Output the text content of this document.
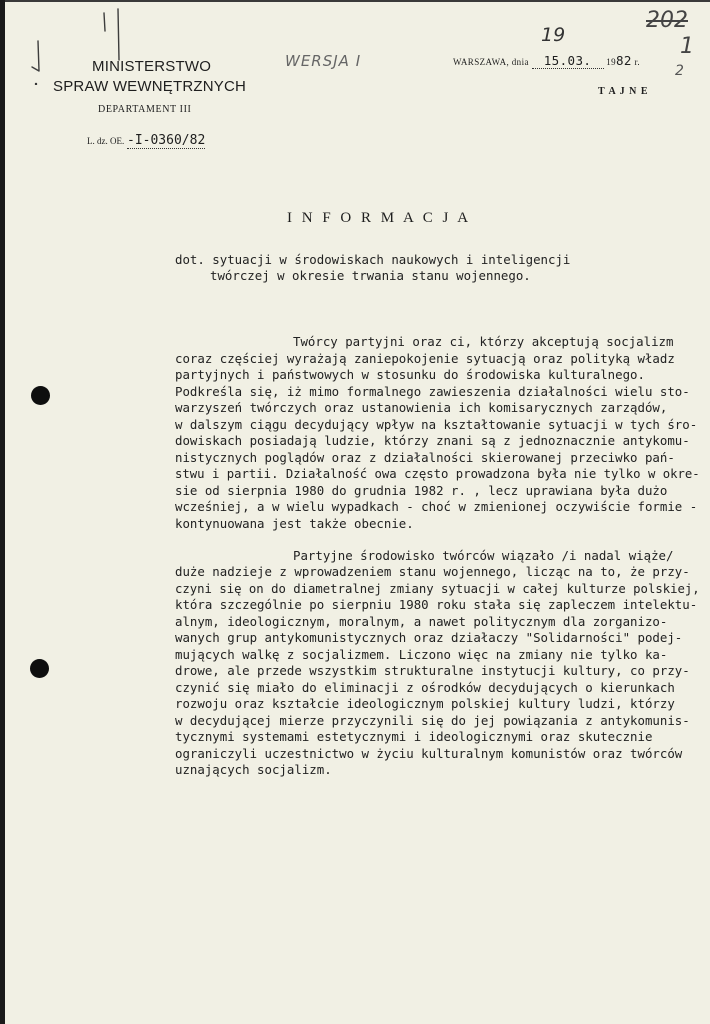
MINISTERSTWO
SPRAW WEWNĘTRZNYCH
DEPARTAMENT III
L. dz. OE. -I-0360/82
WERSJA I
19
202
1
2
WARSZAWA, dnia 15.03. 1982 r.
T A J N E
I N F O R M A C J A
dot. sytuacji w środowiskach naukowych i inteligencji
twórczej w okresie trwania stanu wojennego.
Twórcy partyjni oraz ci, którzy akceptują socjalizm
coraz częściej wyrażają zaniepokojenie sytuacją oraz polityką władz
partyjnych i państwowych w stosunku do środowiska kulturalnego.
Podkreśla się, iż mimo formalnego zawieszenia działalności wielu sto-
warzyszeń twórczych oraz ustanowienia ich komisarycznych zarządów,
w dalszym ciągu decydujący wpływ na kształtowanie sytuacji w tych śro-
dowiskach posiadają ludzie, którzy znani są z jednoznacznie antykomu-
nistycznych poglądów oraz z działalności skierowanej przeciwko pań-
stwu i partii. Działalność owa często prowadzona była nie tylko w okre-
sie od sierpnia 1980 do grudnia 1982 r. , lecz uprawiana była dużo
wcześniej, a w wielu wypadkach - choć w zmienionej oczywiście formie -
kontynuowana jest także obecnie.
Partyjne środowisko twórców wiązało /i nadal wiąże/
duże nadzieje z wprowadzeniem stanu wojennego, licząc na to, że przy-
czyni się on do diametralnej zmiany sytuacji w całej kulturze polskiej,
która szczególnie po sierpniu 1980 roku stała się zapleczem intelektu-
alnym, ideologicznym, moralnym, a nawet politycznym dla zorganizo-
wanych grup antykomunistycznych oraz działaczy "Solidarności" podej-
mujących walkę z socjalizmem. Liczono więc na zmiany nie tylko ka-
drowe, ale przede wszystkim strukturalne instytucji kultury, co przy-
czynić się miało do eliminacji z ośrodków decydujących o kierunkach
rozwoju oraz kształcie ideologicznym polskiej kultury ludzi, którzy
w decydującej mierze przyczynili się do jej powiązania z antykomunis-
tycznymi systemami estetycznymi i ideologicznymi oraz skutecznie
ograniczyli uczestnictwo w życiu kulturalnym komunistów oraz twórców
uznających socjalizm.
